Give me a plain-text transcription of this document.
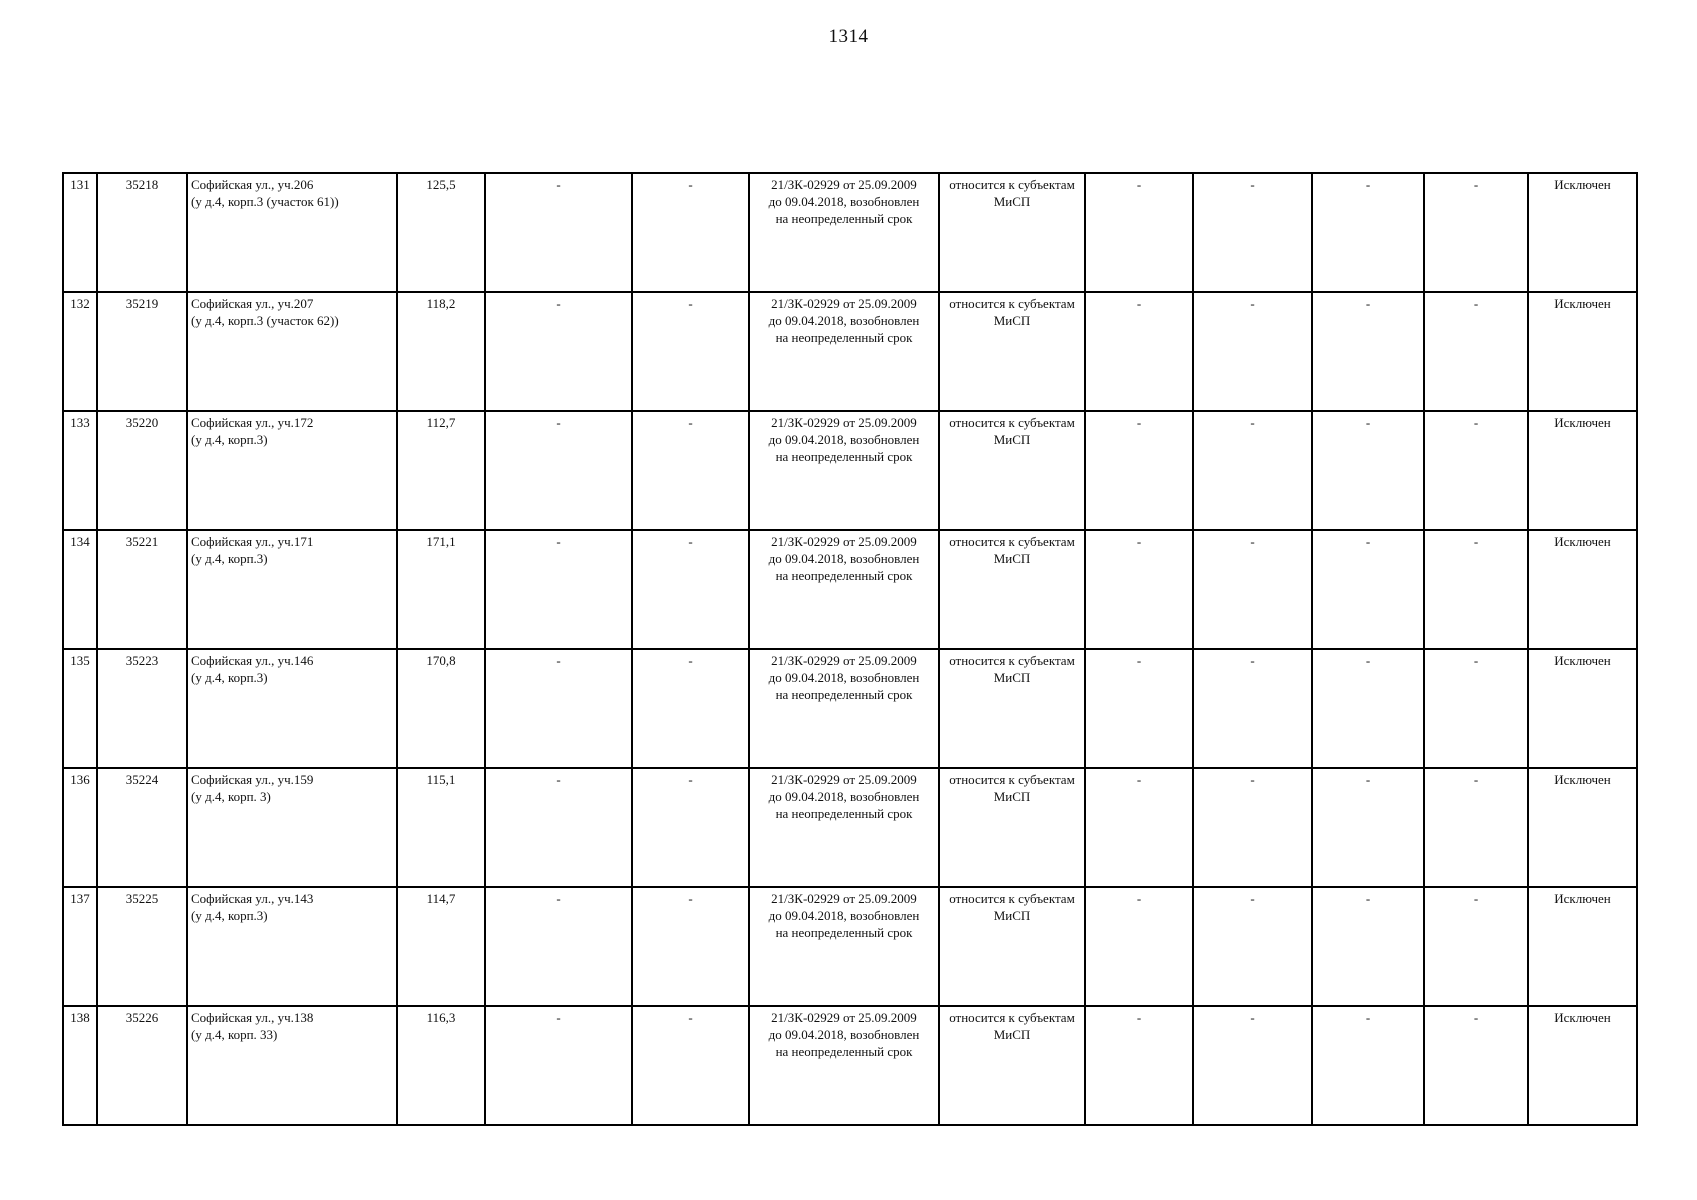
1314
131	35218	Софийская ул., уч.206
(у д.4, корп.3 (участок 61))	125,5	-	-	21/ЗК-02929 от 25.09.2009
до 09.04.2018, возобновлен
на неопределенный срок	относится к субъектам
МиСП	-	-	-	-	Исключен
132	35219	Софийская ул., уч.207
(у д.4, корп.3 (участок 62))	118,2	-	-	21/ЗК-02929 от 25.09.2009
до 09.04.2018, возобновлен
на неопределенный срок	относится к субъектам
МиСП	-	-	-	-	Исключен
133	35220	Софийская ул., уч.172
(у д.4, корп.3)	112,7	-	-	21/ЗК-02929 от 25.09.2009
до 09.04.2018, возобновлен
на неопределенный срок	относится к субъектам
МиСП	-	-	-	-	Исключен
134	35221	Софийская ул., уч.171
(у д.4, корп.3)	171,1	-	-	21/ЗК-02929 от 25.09.2009
до 09.04.2018, возобновлен
на неопределенный срок	относится к субъектам
МиСП	-	-	-	-	Исключен
135	35223	Софийская ул., уч.146
(у д.4, корп.3)	170,8	-	-	21/ЗК-02929 от 25.09.2009
до 09.04.2018, возобновлен
на неопределенный срок	относится к субъектам
МиСП	-	-	-	-	Исключен
136	35224	Софийская ул., уч.159
(у д.4, корп. 3)	115,1	-	-	21/ЗК-02929 от 25.09.2009
до 09.04.2018, возобновлен
на неопределенный срок	относится к субъектам
МиСП	-	-	-	-	Исключен
137	35225	Софийская ул., уч.143
(у д.4, корп.3)	114,7	-	-	21/ЗК-02929 от 25.09.2009
до 09.04.2018, возобновлен
на неопределенный срок	относится к субъектам
МиСП	-	-	-	-	Исключен
138	35226	Софийская ул., уч.138
(у д.4, корп. 33)	116,3	-	-	21/ЗК-02929 от 25.09.2009
до 09.04.2018, возобновлен
на неопределенный срок	относится к субъектам
МиСП	-	-	-	-	Исключен
